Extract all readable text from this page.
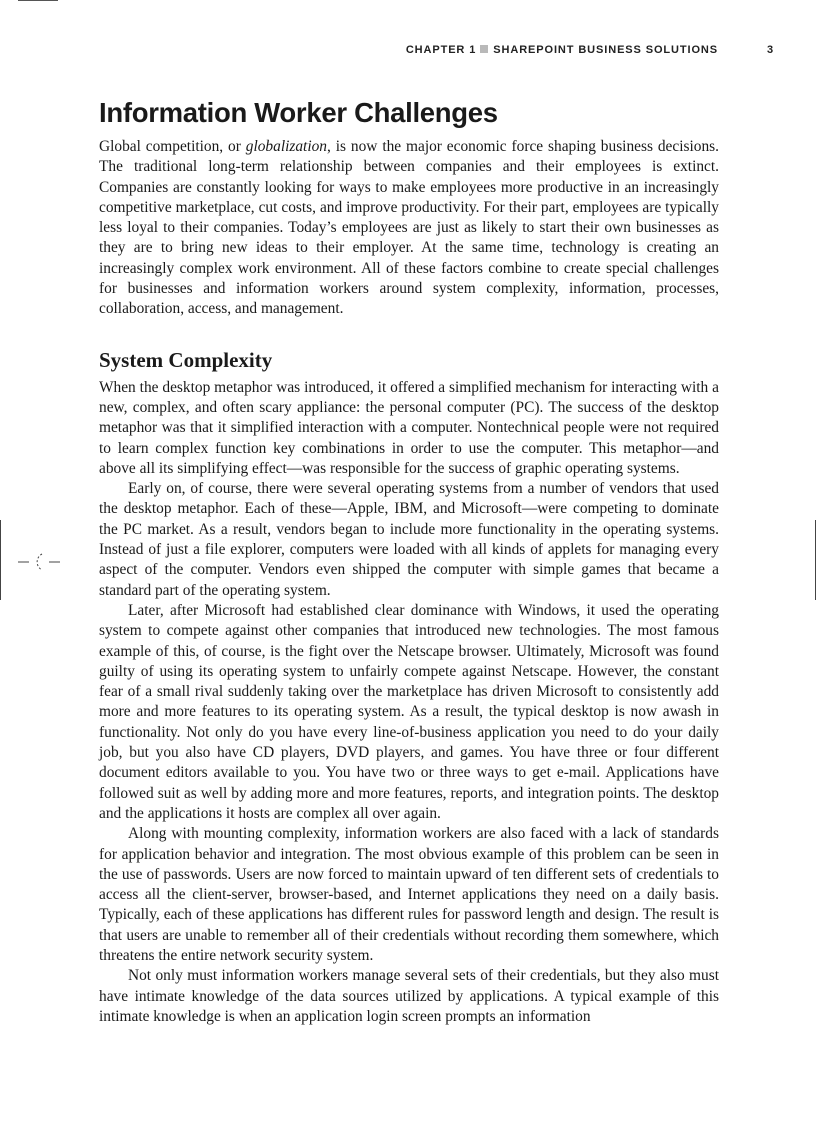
CHAPTER 1 SHAREPOINT BUSINESS SOLUTIONS	3
Information Worker Challenges

Global competition, or globalization, is now the major economic force shaping business decisions. The traditional long-term relationship between companies and their employees is extinct. Companies are constantly looking for ways to make employees more productive in an increasingly competitive marketplace, cut costs, and improve productivity. For their part, employees are typically less loyal to their companies. Today’s employees are just as likely to start their own businesses as they are to bring new ideas to their employer. At the same time, technology is creating an increasingly complex work environment. All of these factors combine to create special challenges for businesses and information workers around system complexity, information, processes, collaboration, access, and management.

System Complexity

When the desktop metaphor was introduced, it offered a simplified mechanism for interacting with a new, complex, and often scary appliance: the personal computer (PC). The success of the desktop metaphor was that it simplified interaction with a computer. Nontechnical people were not required to learn complex function key combinations in order to use the computer. This metaphor—and above all its simplifying effect—was responsible for the success of graphic operating systems.

Early on, of course, there were several operating systems from a number of vendors that used the desktop metaphor. Each of these—Apple, IBM, and Microsoft—were competing to dominate the PC market. As a result, vendors began to include more functionality in the operating systems. Instead of just a file explorer, computers were loaded with all kinds of applets for managing every aspect of the computer. Vendors even shipped the computer with simple games that became a standard part of the operating system.

Later, after Microsoft had established clear dominance with Windows, it used the operating system to compete against other companies that introduced new technologies. The most famous example of this, of course, is the fight over the Netscape browser. Ultimately, Microsoft was found guilty of using its operating system to unfairly compete against Netscape. However, the constant fear of a small rival suddenly taking over the marketplace has driven Microsoft to consistently add more and more features to its operating system. As a result, the typical desktop is now awash in functionality. Not only do you have every line-of-business application you need to do your daily job, but you also have CD players, DVD players, and games. You have three or four different document editors available to you. You have two or three ways to get e-mail. Applications have followed suit as well by adding more and more features, reports, and integration points. The desktop and the applications it hosts are complex all over again.

Along with mounting complexity, information workers are also faced with a lack of standards for application behavior and integration. The most obvious example of this problem can be seen in the use of passwords. Users are now forced to maintain upward of ten different sets of credentials to access all the client-server, browser-based, and Internet applications they need on a daily basis. Typically, each of these applications has different rules for password length and design. The result is that users are unable to remember all of their credentials without recording them somewhere, which threatens the entire network security system.

Not only must information workers manage several sets of their credentials, but they also must have intimate knowledge of the data sources utilized by applications. A typical example of this intimate knowledge is when an application login screen prompts an information
